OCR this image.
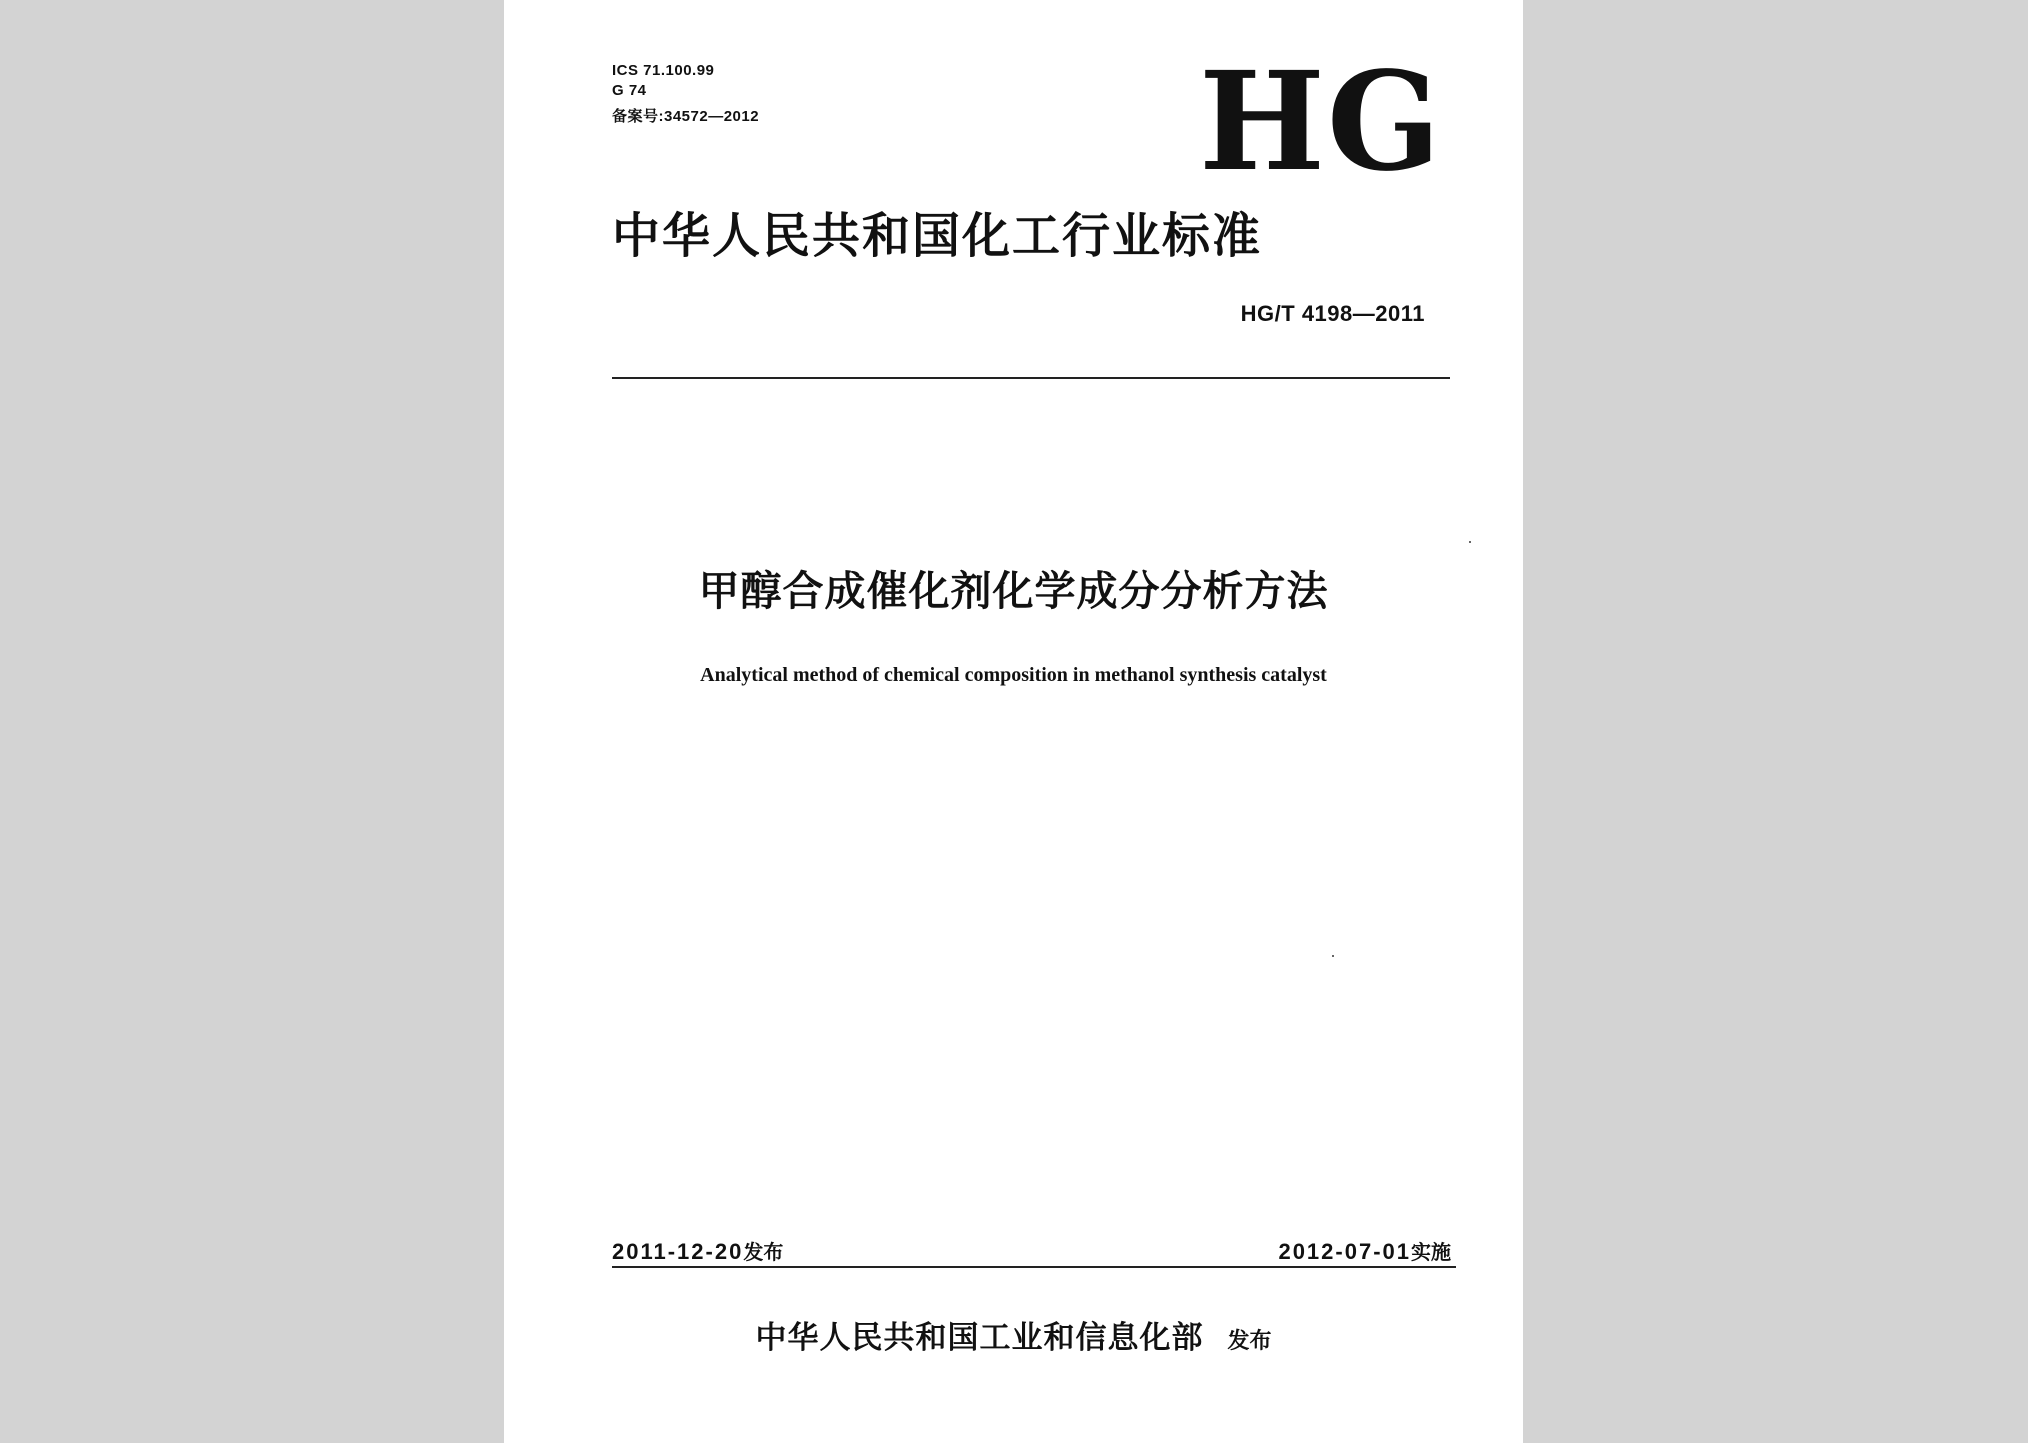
ICS 71.100.99
G 74
备案号:34572—2012	HG
中华人民共和国化工行业标准
HG/T 4198—2011
甲醇合成催化剂化学成分分析方法
Analytical method of chemical composition in methanol synthesis catalyst
2011-12-20发布	2012-07-01实施
中华人民共和国工业和信息化部 发布
